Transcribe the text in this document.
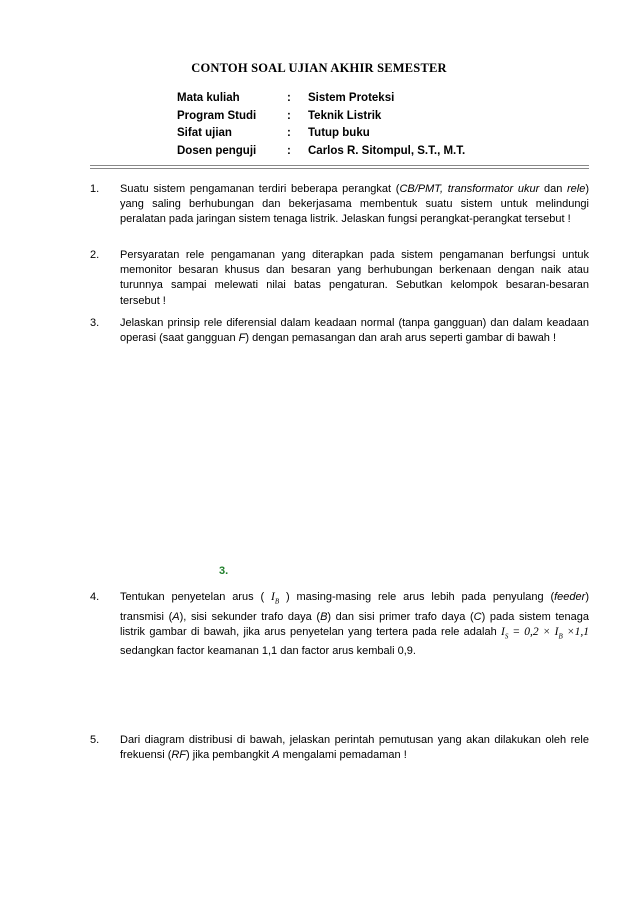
CONTOH SOAL UJIAN AKHIR SEMESTER
Mata kuliah	: Sistem Proteksi
Program Studi	: Teknik Listrik
Sifat ujian	: Tutup buku
Dosen penguji	: Carlos R. Sitompul, S.T., M.T.
1. Suatu sistem pengamanan terdiri beberapa perangkat (CB/PMT, transformator ukur dan rele) yang saling berhubungan dan bekerjasama membentuk suatu sistem untuk melindungi peralatan pada jaringan sistem tenaga listrik. Jelaskan fungsi perangkat-perangkat tersebut !
2. Persyaratan rele pengamanan yang diterapkan pada sistem pengamanan berfungsi untuk memonitor besaran khusus dan besaran yang berhubungan berkenaan dengan naik atau turunnya sampai melewati nilai batas pengaturan. Sebutkan kelompok besaran-besaran tersebut !
3. Jelaskan prinsip rele diferensial dalam keadaan normal (tanpa gangguan) dan dalam keadaan operasi (saat gangguan F) dengan pemasangan dan arah arus seperti gambar di bawah !
3.
4. Tentukan penyetelan arus ( $I_B$ ) masing-masing rele arus lebih pada penyulang (feeder) transmisi (A), sisi sekunder trafo daya (B) dan sisi primer trafo daya (C) pada sistem tenaga listrik gambar di bawah, jika arus penyetelan yang tertera pada rele adalah $I_S = 0,2 \times I_B \times 1,1$ sedangkan factor keamanan 1,1 dan factor arus kembali 0,9.
5. Dari diagram distribusi di bawah, jelaskan perintah pemutusan yang akan dilakukan oleh rele frekuensi (RF) jika pembangkit A mengalami pemadaman !
